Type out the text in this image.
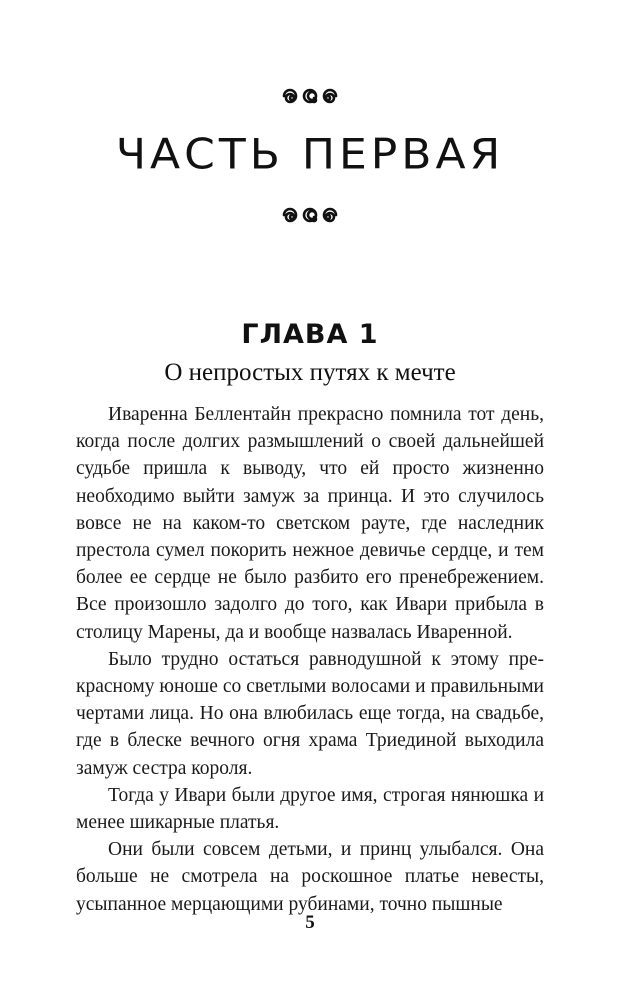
ЧАСТЬ ПЕРВАЯ
ГЛАВА 1
О непростых путях к мечте

Иваренна Беллентайн прекрасно помнила тот день, когда после долгих размышлений о своей дальнейшей судьбе пришла к выводу, что ей просто жизненно необходимо выйти замуж за принца. И это случилось вовсе не на каком-то светском рауте, где наследник престола сумел покорить нежное девичье сердце, и тем более ее сердце не было разбито его пренебрежением. Все произошло задолго до того, как Ивари прибыла в столицу Марены, да и вообще назвалась Иваренной.

Было трудно остаться равнодушной к этому прекрасному юноше со светлыми волосами и правильными чертами лица. Но она влюбилась еще тогда, на свадьбе, где в блеске вечного огня храма Триединой выходила замуж сестра короля.

Тогда у Ивари были другое имя, строгая нянюшка и менее шикарные платья.

Они были совсем детьми, и принц улыбался. Она больше не смотрела на роскошное платье невесты, усыпанное мерцающими рубинами, точно пышные

5
